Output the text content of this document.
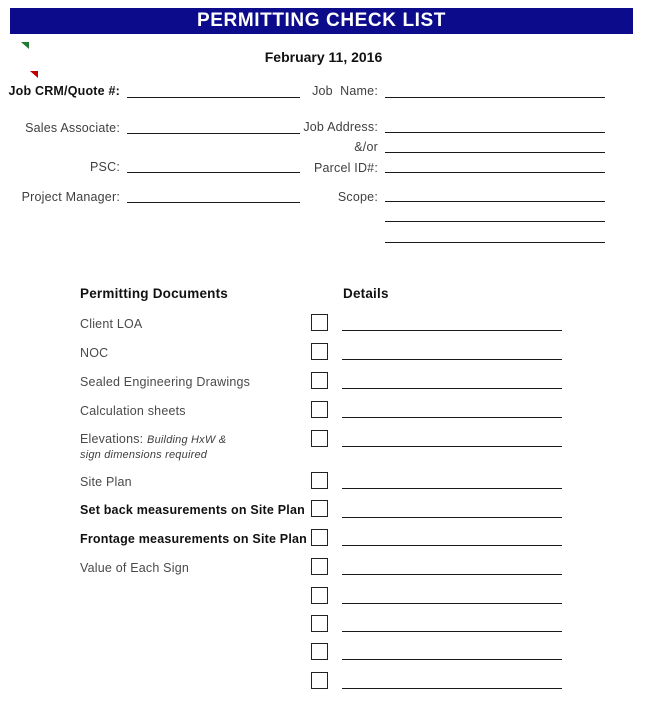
PERMITTING CHECK LIST
February 11, 2016
Job CRM/Quote #:
Sales Associate:
PSC:
Project Manager:
Job  Name:
Job Address:
&/or
Parcel ID#:
Scope:
Permitting Documents	Details
Client LOA
NOC
Sealed Engineering Drawings
Calculation sheets
Elevations: Building HxW &
sign dimensions required
Site Plan
Set back measurements on Site Plan
Frontage measurements on Site Plan
Value of Each Sign
